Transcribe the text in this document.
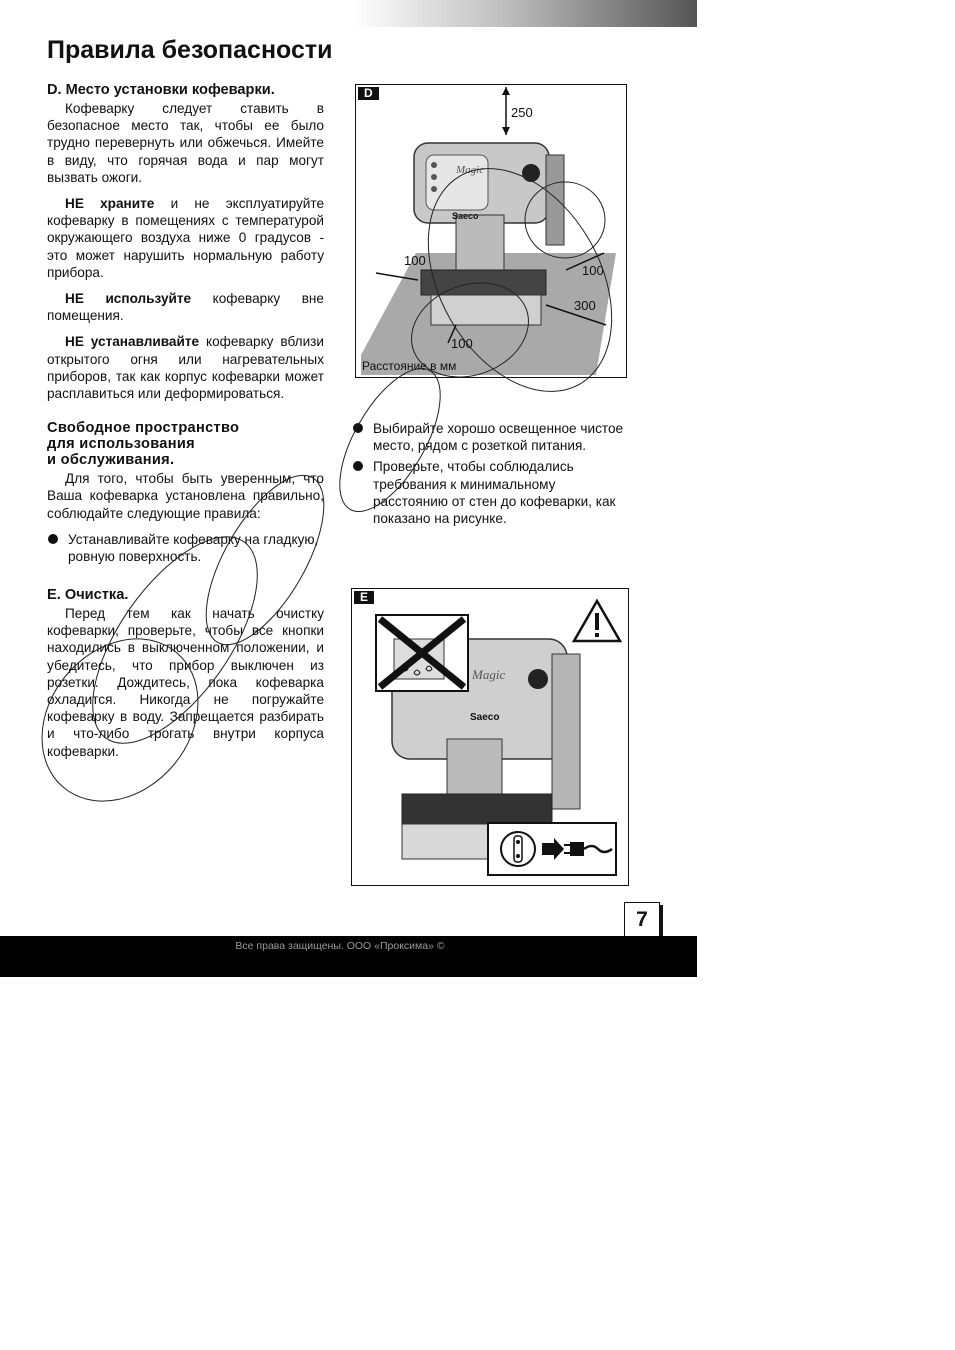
Правила безопасности
D. Место установки кофеварки.

Кофеварку следует ставить в безопасное место так, чтобы ее было трудно перевернуть или обжечься. Имейте в виду, что горячая вода и пар могут вызвать ожоги.

НЕ храните и не эксплуатируйте кофеварку в помещениях с температурой окружающего воздуха ниже 0 градусов - это может нарушить нормальную работу прибора.

НЕ используйте кофеварку вне помещения.

НЕ устанавливайте кофеварку вблизи открытого огня или нагревательных приборов, так как корпус кофеварки может расплавиться или деформироваться.

Свободное пространство
для использования
и обслуживания.

Для того, чтобы быть уверенным, что Ваша кофеварка установлена правильно, соблюдайте следующие правила:

Устанавливайте кофеварку на гладкую, ровную поверхность.
E. Очистка.

Перед тем как начать очистку кофеварки, проверьте, чтобы все кнопки находились в выключенном положении, и убедитесь, что прибор выключен из розетки. Дождитесь, пока кофеварка охладится. Никогда не погружайте кофеварку в воду. Запрещается разбирать и что-либо трогать внутри корпуса кофеварки.

Выбирайте хорошо освещенное чистое место, рядом с розеткой питания.
Проверьте, чтобы соблюдались требования к минимальному расстоянию от стен до кофеварки, как показано на рисунке.
Saeco
Magic
250
100
100
300
100
D
Расстояние в мм
Saeco
Magic
E
7
Все права защищены. ООО «Проксима» ©
